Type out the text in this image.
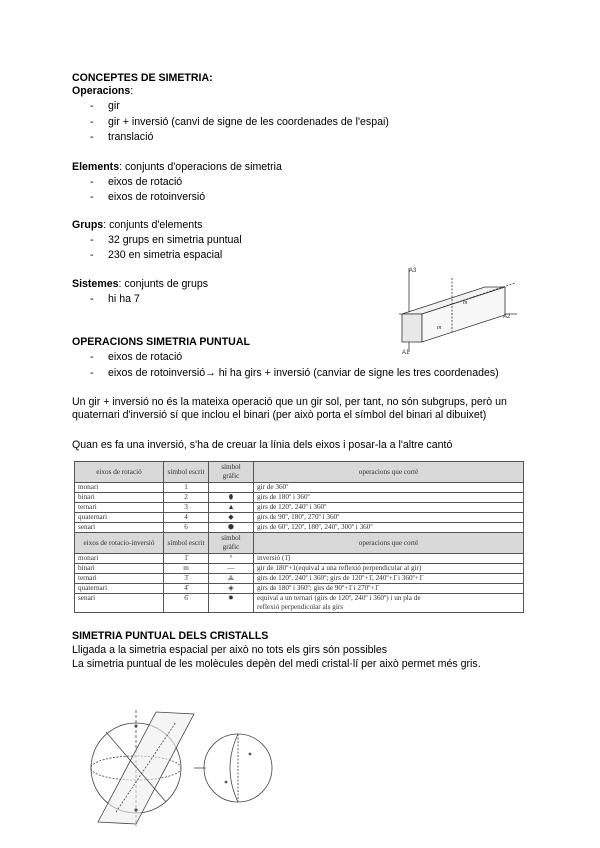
CONCEPTES DE SIMETRIA:
Operacions:
- gir
- gir + inversió (canvi de signe de les coordenades de l'espai)
- translació
Elements: conjunts d'operacions de simetria
- eixos de rotació
- eixos de rotoinversió
Grups: conjunts d'elements
- 32 grups en simetria puntual
- 230 en simetria espacial
Sistemes: conjunts de grups
- hi ha 7
A3
A2
A1
m
m
OPERACIONS SIMETRIA PUNTUAL
- eixos de rotació
- eixos de rotoinversió→ hi ha girs + inversió (canviar de signe les tres coordenades)
Un gir + inversió no és la mateixa operació que un gir sol, per tant, no són subgrups, però un
quaternari d'inversió sí que inclou el binari (per això porta el símbol del binari al dibuixet)
Quan es fa una inversió, s'ha de creuar la línia dels eixos i posar-la a l'altre cantó
eixos de rotació	símbol escrit	símbol gràfic	operacions que corté
monari	1		gir de 360º
binari	2	⬮	girs de 180º i 360º
ternari	3	▲	girs de 120º, 240º i 360º
quaternari	4	◆	girs de 90º, 180º, 270º i 360º
senari	6	⬢	girs de 60º, 120º, 180º, 240º, 300º i 360º
eixos de rotacio-inversió	símbol escrit	símbol gràfic	operacions que corté
monari	1̄	°	inversió (1̄)
binari	m	—	gir de 180º+1(equival a una reflexió perpendicular al gir)
ternari	3̄	⟁	girs de 120º, 240º i 360º; girs de 120º+1̄, 240º+1̄ i 360º+1̄
quaternari	4̄	◈	girs de 180º i 360º; girs de 90º+1̄ i 270º+1̄
senari	6̄	✹	equival a un ternari (girs de 120º, 240º i 360º) i un pla de
			reflexió perpendicular als girs
SIMETRIA PUNTUAL DELS CRISTALLS
Lligada a la simetria espacial per això no tots els girs són possibles
La simetria puntual de les molècules depèn del medi cristal·lí per això permet més gris.
